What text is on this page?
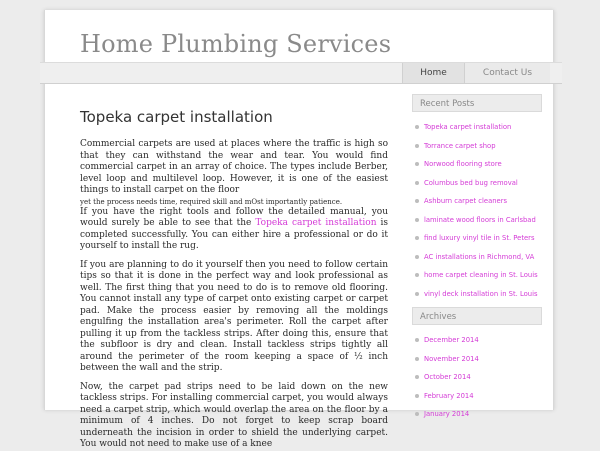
Home Plumbing Services
Home	Contact Us
Topeka carpet installation

Commercial carpets are used at places where the traffic is high so that they can withstand the wear and tear. You would find commercial carpet in an array of choice. The types include Berber, level loop and multilevel loop. However, it is one of the easiest things to install carpet on the floor

yet the process needs time, required skill and mOst importantly patience.

If you have the right tools and follow the detailed manual, you would surely be able to see that the Topeka carpet installation is completed successfully. You can either hire a professional or do it yourself to install the rug.

If you are planning to do it yourself then you need to follow certain tips so that it is done in the perfect way and look professional as well. The first thing that you need to do is to remove old flooring. You cannot install any type of carpet onto existing carpet or carpet pad. Make the process easier by removing all the moldings engulfing the installation area's perimeter. Roll the carpet after pulling it up from the tackless strips. After doing this, ensure that the subfloor is dry and clean. Install tackless strips tightly all around the perimeter of the room keeping a space of ½ inch between the wall and the strip.

Now, the carpet pad strips need to be laid down on the new tackless strips. For installing commercial carpet, you would always need a carpet strip, which would overlap the area on the floor by a minimum of 4 inches. Do not forget to keep scrap board underneath the incision in order to shield the underlying carpet. You would not need to make use of a knee

Recent Posts
Topeka carpet installation
Torrance carpet shop
Norwood flooring store
Columbus bed bug removal
Ashburn carpet cleaners
laminate wood floors in Carlsbad
find luxury vinyl tile in St. Peters
AC installations in Richmond, VA
home carpet cleaning in St. Louis
vinyl deck installation in St. Louis
Archives
December 2014
November 2014
October 2014
February 2014
January 2014
